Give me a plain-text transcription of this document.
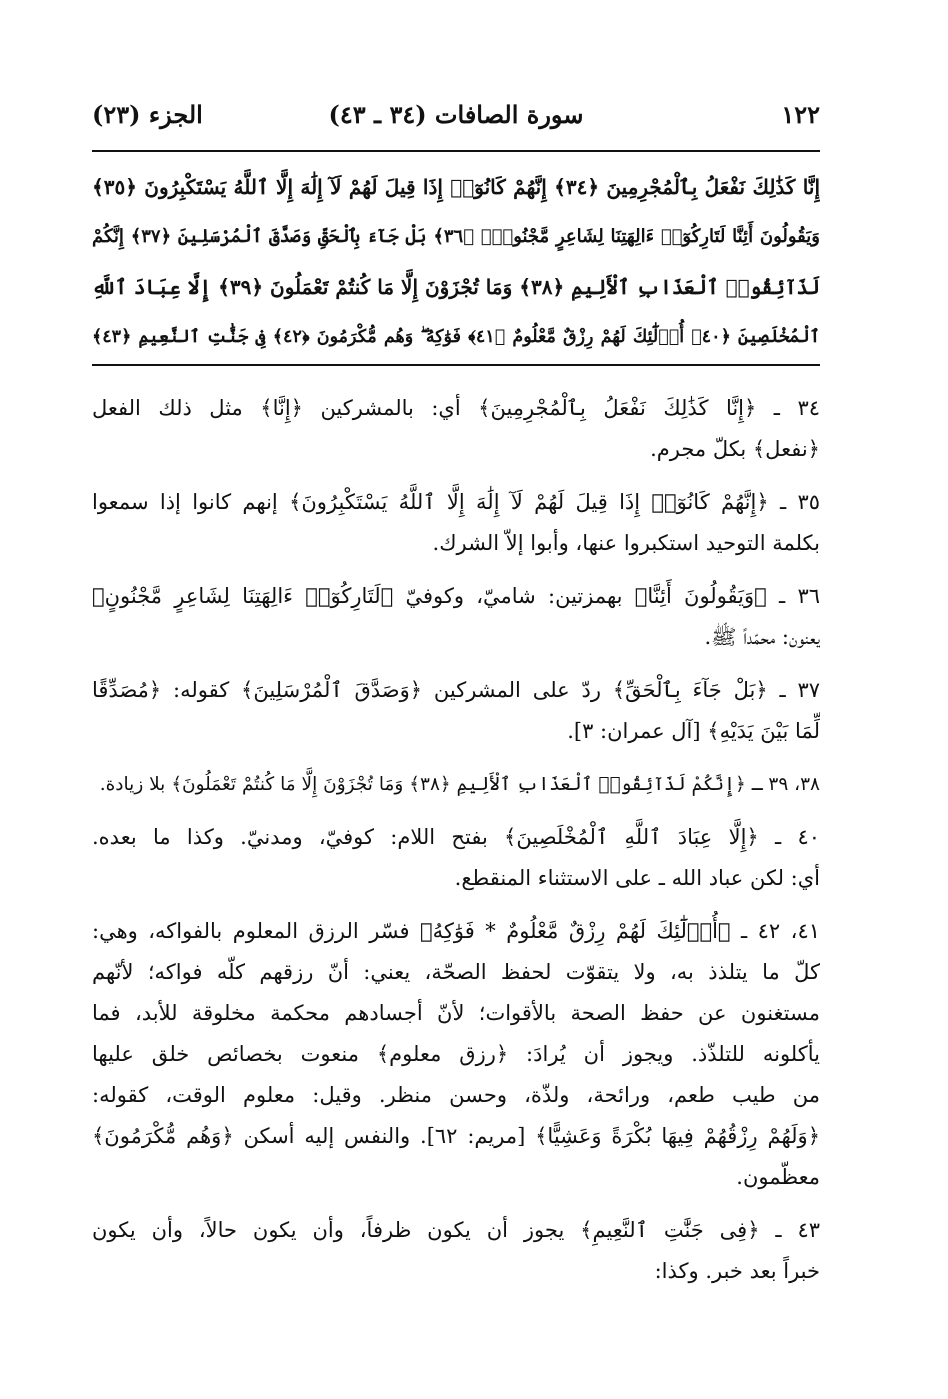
١٢٢
سورة الصافات (٣٤ ـ ٤٣)
الجزء (٢٣)
إِنَّا كَذَٰلِكَ نَفْعَلُ بِٱلْمُجْرِمِينَ ﴿٣٤﴾ إِنَّهُمْ كَانُوٓا۟ إِذَا قِيلَ لَهُمْ لَآ إِلَٰهَ إِلَّا ٱللَّهُ يَسْتَكْبِرُونَ ﴿٣٥﴾
وَيَقُولُونَ أَئِنَّا لَتَارِكُوٓا۟ ءَالِهَتِنَا لِشَاعِرٍ مَّجْنُونٍۭ ﴿٣٦﴾ بَلْ جَآءَ بِٱلْحَقِّ وَصَدَّقَ ٱلْمُرْسَلِينَ ﴿٣٧﴾ إِنَّكُمْ
لَذَآئِقُوا۟ ٱلْعَذَابِ ٱلْأَلِيمِ ﴿٣٨﴾ وَمَا تُجْزَوْنَ إِلَّا مَا كُنتُمْ تَعْمَلُونَ ﴿٣٩﴾ إِلَّا عِبَادَ ٱللَّهِ
ٱلْمُخْلَصِينَ ﴿٤٠﴾ أُو۟لَٰٓئِكَ لَهُمْ رِزْقٌ مَّعْلُومٌ ﴿٤١﴾ فَوَٰكِهُ ۖ وَهُم مُّكْرَمُونَ ﴿٤٢﴾ فِى جَنَّٰتِ ٱلنَّعِيمِ ﴿٤٣﴾
٣٤ ـ ﴿إِنَّا كَذَٰلِكَ نَفْعَلُ بِٱلْمُجْرِمِينَ﴾ أي: بالمشركين ﴿إِنَّا﴾ مثل ذلك الفعل
﴿نفعل﴾ بكلّ مجرم.
٣٥ ـ ﴿إِنَّهُمْ كَانُوٓا۟ إِذَا قِيلَ لَهُمْ لَآ إِلَٰهَ إِلَّا ٱللَّهُ يَسْتَكْبِرُونَ﴾ إنهم كانوا إذا سمعوا
بكلمة التوحيد استكبروا عنها، وأبوا إلاّ الشرك.
٣٦ ـ ﴿وَيَقُولُونَ أَئِنَّا﴾ بهمزتين: شاميّ، وكوفيّ ﴿لَتَارِكُوٓا۟ ءَالِهَتِنَا لِشَاعِرٍ مَّجْنُونٍ﴾
يعنون: محمّداً ﷺ.
٣٧ ـ ﴿بَلْ جَآءَ بِٱلْحَقِّ﴾ ردّ على المشركين ﴿وَصَدَّقَ ٱلْمُرْسَلِينَ﴾ كقوله: ﴿مُصَدِّقًا
لِّمَا بَيْنَ يَدَيْهِ﴾ [آل عمران: ٣].
٣٨، ٣٩ ـ ﴿إِنَّكُمْ لَذَآئِقُوا۟ ٱلْعَذَابِ ٱلْأَلِيمِ ﴿٣٨﴾ وَمَا تُجْزَوْنَ إِلَّا مَا كُنتُمْ تَعْمَلُونَ﴾ بلا زيادة.
٤٠ ـ ﴿إِلَّا عِبَادَ ٱللَّهِ ٱلْمُخْلَصِينَ﴾ بفتح اللام: كوفيّ، ومدنيّ. وكذا ما بعده.
أي: لكن عباد الله ـ على الاستثناء المنقطع.
٤١، ٤٢ ـ ﴿أُو۟لَٰٓئِكَ لَهُمْ رِزْقٌ مَّعْلُومٌ * فَوَٰكِهُ﴾ فسّر الرزق المعلوم بالفواكه، وهي:
كلّ ما يتلذذ به، ولا يتقوّت لحفظ الصحّة، يعني: أنّ رزقهم كلّه فواكه؛ لأنّهم
مستغنون عن حفظ الصحة بالأقوات؛ لأنّ أجسادهم محكمة مخلوقة للأبد، فما
يأكلونه للتلذّذ. ويجوز أن يُرادَ: ﴿رزق معلوم﴾ منعوت بخصائص خلق عليها
من طيب طعم، ورائحة، ولذّة، وحسن منظر. وقيل: معلوم الوقت، كقوله:
﴿وَلَهُمْ رِزْقُهُمْ فِيهَا بُكْرَةً وَعَشِيًّا﴾ [مريم: ٦٢]. والنفس إليه أسكن ﴿وَهُم مُّكْرَمُونَ﴾
معظّمون.
٤٣ ـ ﴿فِى جَنَّٰتِ ٱلنَّعِيمِ﴾ يجوز أن يكون ظرفاً، وأن يكون حالاً، وأن يكون
خبراً بعد خبر. وكذا:
